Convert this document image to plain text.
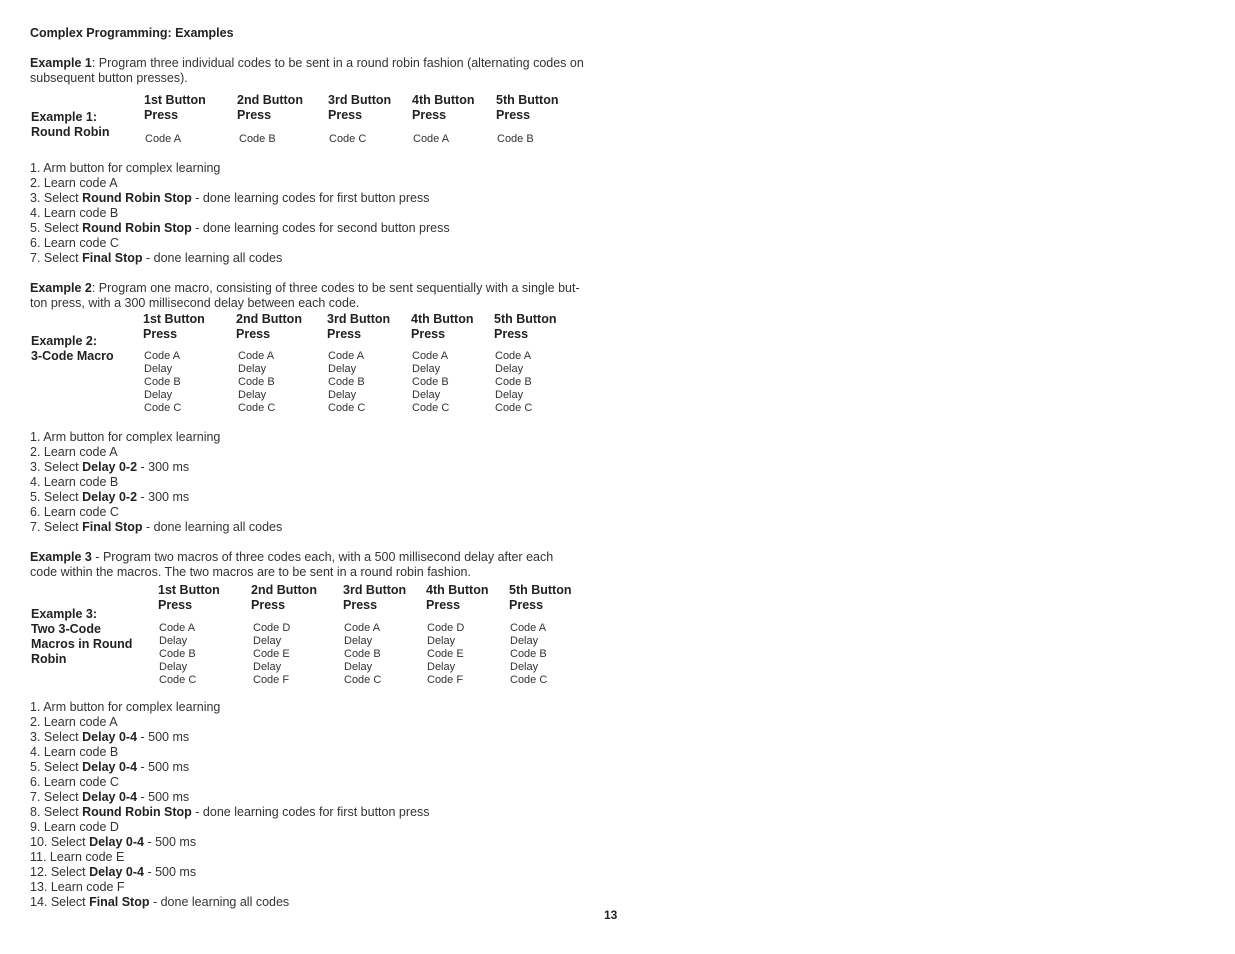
Complex Programming: Examples
Example 1: Program three individual codes to be sent in a round robin fashion (alternating codes on subsequent button presses).
Example 1:
Round Robin
1st Button
Press
Code A
2nd Button
Press
Code B
3rd Button
Press
Code C
4th Button
Press
Code A
5th Button
Press
Code B
1. Arm button for complex learning
2. Learn code A
3. Select Round Robin Stop - done learning codes for first button press
4. Learn code B
5. Select Round Robin Stop - done learning codes for second button press
6. Learn code C
7. Select Final Stop - done learning all codes
Example 2: Program one macro, consisting of three codes to be sent sequentially with a single but-
ton press, with a 300 millisecond delay between each code.
Example 2:
3-Code Macro
1st Button
Press
Code A
Delay
Code B
Delay
Code C
2nd Button
Press
Code A
Delay
Code B
Delay
Code C
3rd Button
Press
Code A
Delay
Code B
Delay
Code C
4th Button
Press
Code A
Delay
Code B
Delay
Code C
5th Button
Press
Code A
Delay
Code B
Delay
Code C
1. Arm button for complex learning
2. Learn code A
3. Select Delay 0-2 - 300 ms
4. Learn code B
5. Select Delay 0-2 - 300 ms
6. Learn code C
7. Select Final Stop - done learning all codes
Example 3 - Program two macros of three codes each, with a 500 millisecond delay after each
code within the macros. The two macros are to be sent in a round robin fashion.
Example 3:
Two 3-Code
Macros in Round
Robin
1st Button
Press
Code A
Delay
Code B
Delay
Code C
2nd Button
Press
Code D
Delay
Code E
Delay
Code F
3rd Button
Press
Code A
Delay
Code B
Delay
Code C
4th Button
Press
Code D
Delay
Code E
Delay
Code F
5th Button
Press
Code A
Delay
Code B
Delay
Code C
1. Arm button for complex learning
2. Learn code A
3. Select Delay 0-4 - 500 ms
4. Learn code B
5. Select Delay 0-4 - 500 ms
6. Learn code C
7. Select Delay 0-4 - 500 ms
8. Select Round Robin Stop - done learning codes for first button press
9. Learn code D
10. Select Delay 0-4 - 500 ms
11. Learn code E
12. Select Delay 0-4 - 500 ms
13. Learn code F
14. Select Final Stop - done learning all codes
13
